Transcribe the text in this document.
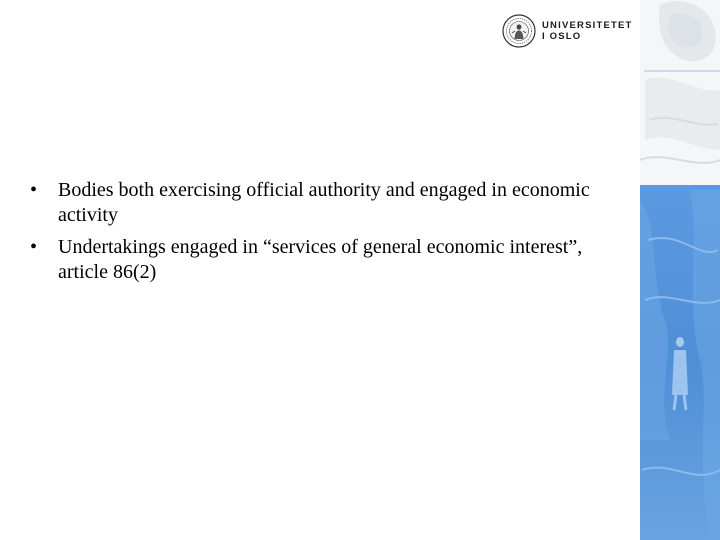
UNIVERSITETET
I OSLO
• Bodies both exercising official authority and engaged in economic activity
• Undertakings engaged in “services of general economic interest”, article 86(2)
